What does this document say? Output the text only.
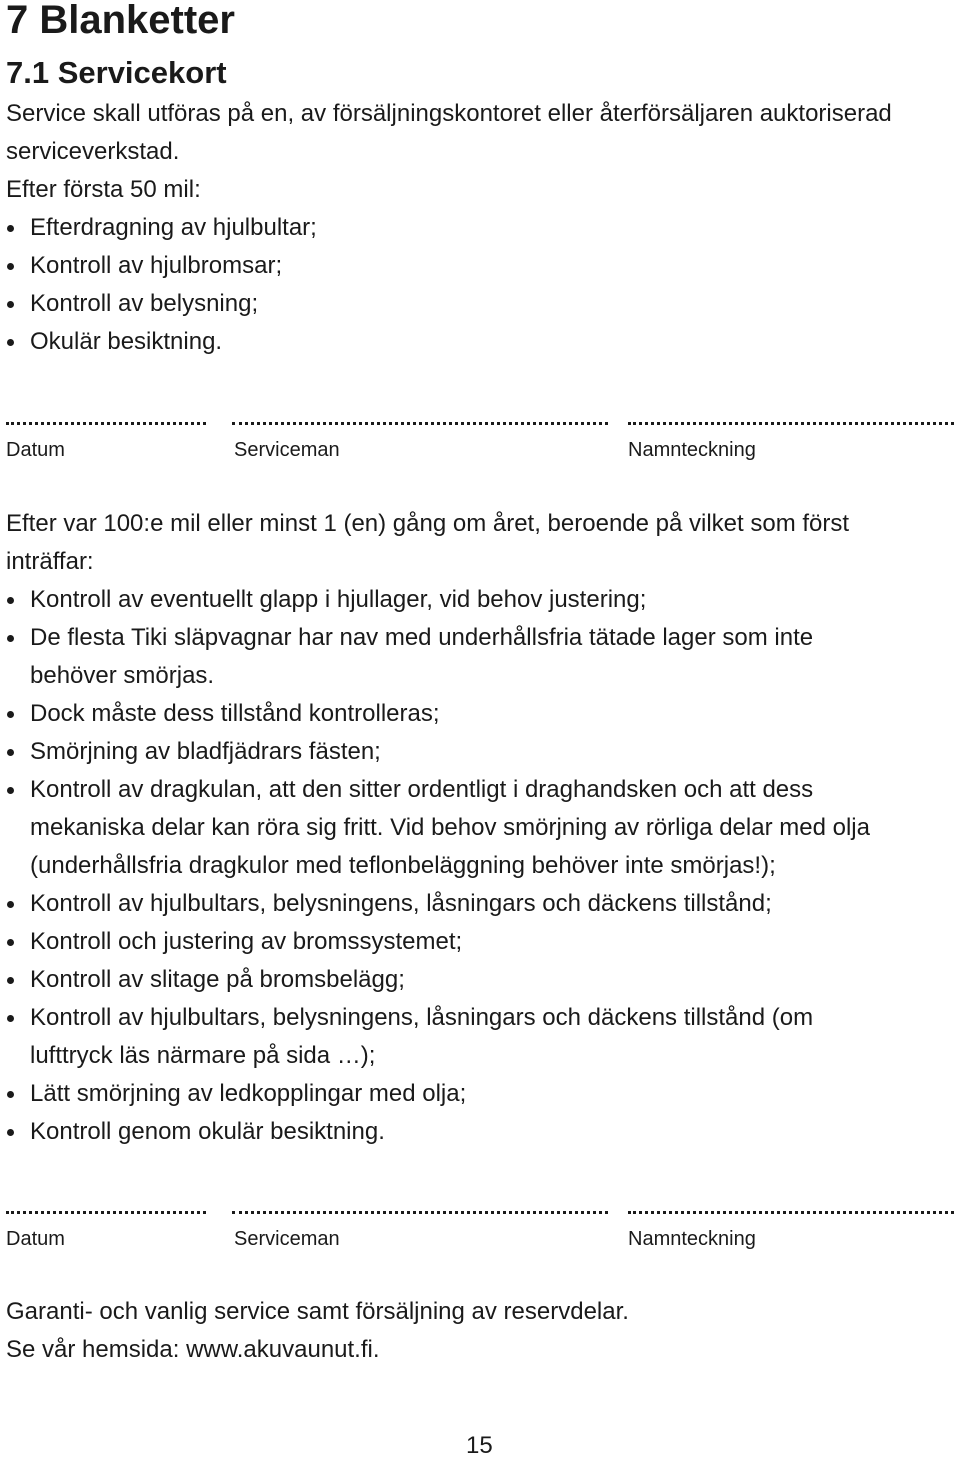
7 Blanketter
7.1 Servicekort

Service skall utföras på en, av försäljningskontoret eller återförsäljaren auktoriserad

serviceverkstad.

Efter första 50 mil:

Efterdragning av hjulbultar;
Kontroll av hjulbromsar;
Kontroll av belysning;
Okulär besiktning.
Datum	Serviceman	Namnteckning

Efter var 100:e mil eller minst 1 (en) gång om året, beroende på vilket som först

inträffar:

Kontroll av eventuellt glapp i hjullager, vid behov justering;
De flesta Tiki släpvagnar har nav med underhållsfria tätade lager som inte
behöver smörjas.
Dock måste dess tillstånd kontrolleras;
Smörjning av bladfjädrars fästen;
Kontroll av dragkulan, att den sitter ordentligt i draghandsken och att dess
mekaniska delar kan röra sig fritt. Vid behov smörjning av rörliga delar med olja
(underhållsfria dragkulor med teflonbeläggning behöver inte smörjas!);
Kontroll av hjulbultars, belysningens, låsningars och däckens tillstånd;
Kontroll och justering av bromssystemet;
Kontroll av slitage på bromsbelägg;
Kontroll av hjulbultars, belysningens, låsningars och däckens tillstånd (om
lufttryck läs närmare på sida …);
Lätt smörjning av ledkopplingar med olja;
Kontroll genom okulär besiktning.
Datum	Serviceman	Namnteckning

Garanti- och vanlig service samt försäljning av reservdelar.

Se vår hemsida: www.akuvaunut.fi.

15
